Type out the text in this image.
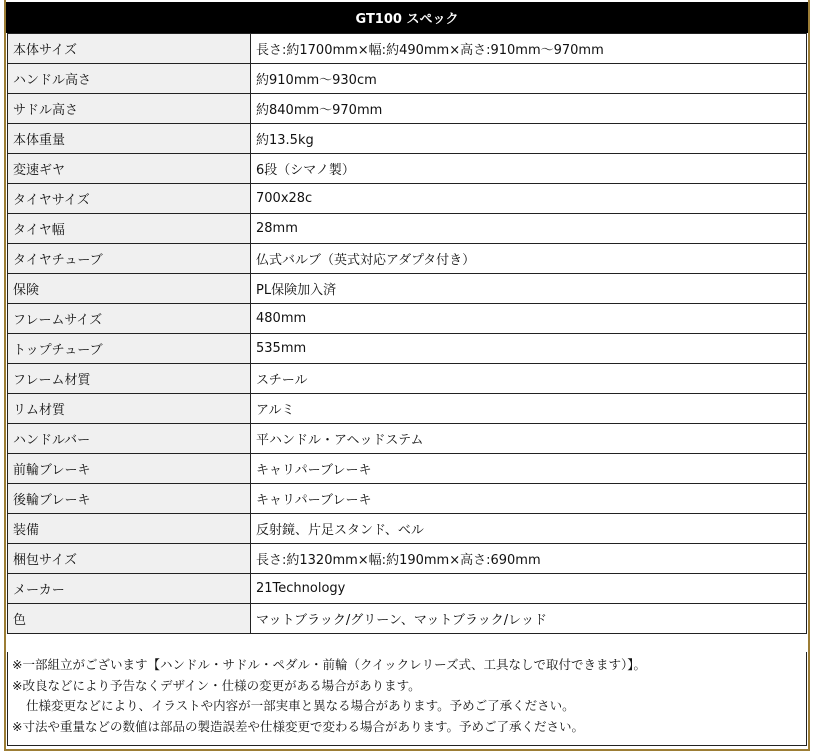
GT100 スペック
本体サイズ	長さ:約1700mm×幅:約490mm×高さ:910mm～970mm
ハンドル高さ	約910mm～930cm
サドル高さ	約840mm～970mm
本体重量	約13.5kg
変速ギヤ	6段（シマノ製）
タイヤサイズ	700x28c
タイヤ幅	28mm
タイヤチューブ	仏式バルブ（英式対応アダプタ付き）
保険	PL保険加入済
フレームサイズ	480mm
トップチューブ	535mm
フレーム材質	スチール
リム材質	アルミ
ハンドルバー	平ハンドル・アヘッドステム
前輪ブレーキ	キャリパーブレーキ
後輪ブレーキ	キャリパーブレーキ
装備	反射鏡、片足スタンド、ベル
梱包サイズ	長さ:約1320mm×幅:約190mm×高さ:690mm
メーカー	21Technology
色	マットブラック/グリーン、マットブラック/レッド
※一部組立がございます【ハンドル・サドル・ペダル・前輪（クイックレリーズ式、工具なしで取付できます）】。
※改良などにより予告なくデザイン・仕様の変更がある場合があります。
仕様変更などにより、イラストや内容が一部実車と異なる場合があります。予めご了承ください。
※寸法や重量などの数値は部品の製造誤差や仕様変更で変わる場合があります。予めご了承ください。
